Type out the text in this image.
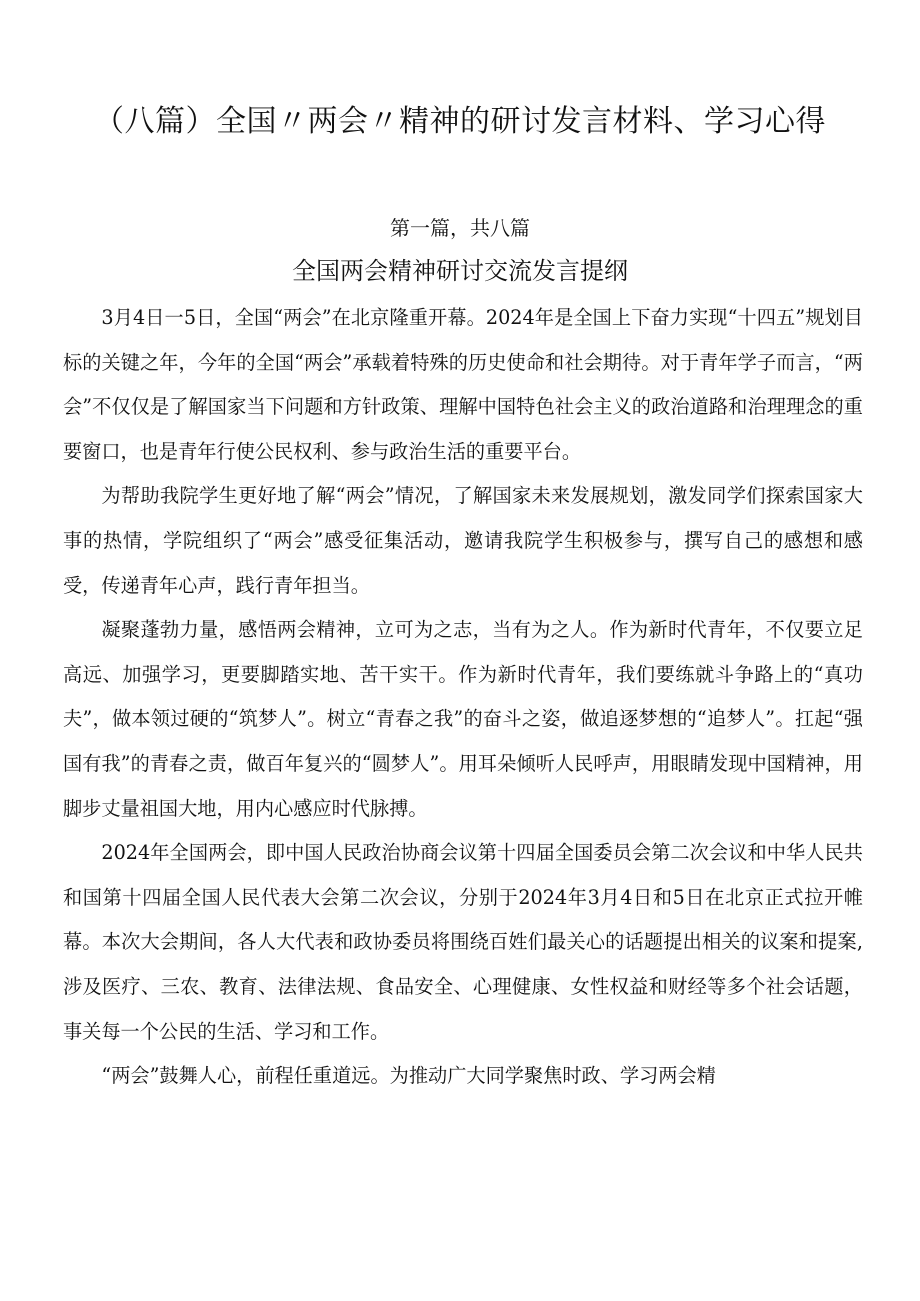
（八篇）全国〃两会〃精神的研讨发言材料、学习心得
第一篇，共八篇
全国两会精神研讨交流发言提纲

3月4日一5日，全国“两会”在北京隆重开幕。2024年是全国上下奋力实现“十四五”规划目标的关键之年，今年的全国“两会”承载着特殊的历史使命和社会期待。对于青年学子而言，“两会”不仅仅是了解国家当下问题和方针政策、理解中国特色社会主义的政治道路和治理理念的重要窗口，也是青年行使公民权利、参与政治生活的重要平台。

为帮助我院学生更好地了解“两会”情况，了解国家未来发展规划，激发同学们探索国家大事的热情，学院组织了“两会”感受征集活动，邀请我院学生积极参与，撰写自己的感想和感受，传递青年心声，践行青年担当。

凝聚蓬勃力量，感悟两会精神，立可为之志，当有为之人。作为新时代青年，不仅要立足高远、加强学习，更要脚踏实地、苦干实干。作为新时代青年，我们要练就斗争路上的“真功夫”，做本领过硬的“筑梦人”。树立“青春之我”的奋斗之姿，做追逐梦想的“追梦人”。扛起“强国有我”的青春之责，做百年复兴的“圆梦人”。用耳朵倾听人民呼声，用眼睛发现中国精神，用脚步丈量祖国大地，用内心感应时代脉搏。

2024年全国两会，即中国人民政治协商会议第十四届全国委员会第二次会议和中华人民共和国第十四届全国人民代表大会第二次会议，分别于2024年3月4日和5日在北京正式拉开帷幕。本次大会期间，各人大代表和政协委员将围绕百姓们最关心的话题提出相关的议案和提案,涉及医疗、三农、教育、法律法规、食品安全、心理健康、女性权益和财经等多个社会话题，事关每一个公民的生活、学习和工作。

“两会”鼓舞人心，前程任重道远。为推动广大同学聚焦时政、学习两会精
